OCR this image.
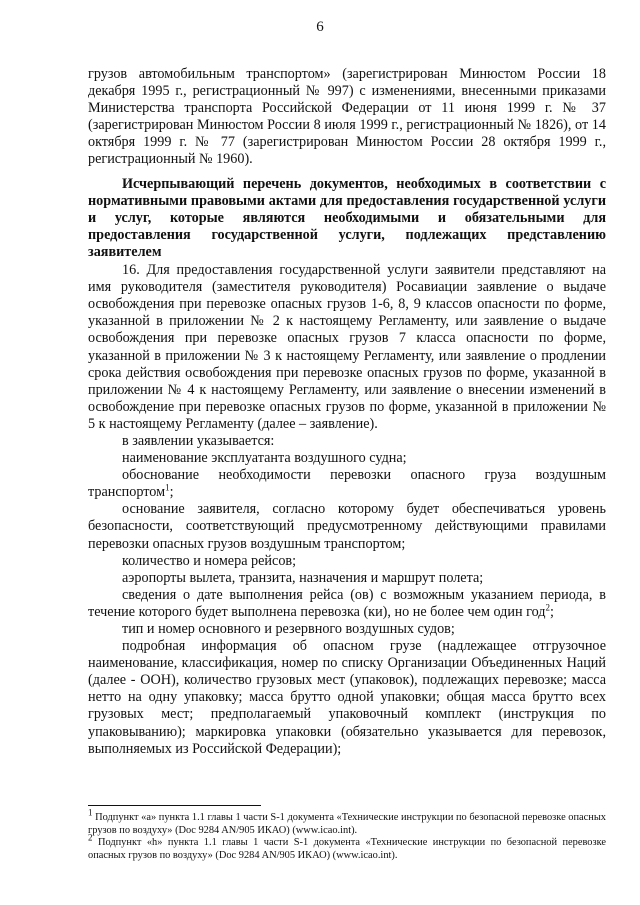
6

грузов автомобильным транспортом» (зарегистрирован Минюстом России 18 декабря 1995 г., регистрационный № 997) с изменениями, внесенными приказами Министерства транспорта Российской Федерации от 11 июня 1999 г. № 37 (зарегистрирован Минюстом России 8 июля 1999 г., регистрационный № 1826), от 14 октября 1999 г. № 77 (зарегистрирован Минюстом России 28 октября 1999 г., регистрационный № 1960).

Исчерпывающий перечень документов, необходимых в соответствии с нормативными правовыми актами для предоставления государственной услуги и услуг, которые являются необходимыми и обязательными для предоставления государственной услуги, подлежащих представлению заявителем

16. Для предоставления государственной услуги заявители представляют на имя руководителя (заместителя руководителя) Росавиации заявление о выдаче освобождения при перевозке опасных грузов 1-6, 8, 9 классов опасности по форме, указанной в приложении № 2 к настоящему Регламенту, или заявление о выдаче освобождения при перевозке опасных грузов 7 класса опасности по форме, указанной в приложении № 3 к настоящему Регламенту, или заявление о продлении срока действия освобождения при перевозке опасных грузов по форме, указанной в приложении № 4 к настоящему Регламенту, или заявление о внесении изменений в освобождение при перевозке опасных грузов по форме, указанной в приложении № 5 к настоящему Регламенту (далее – заявление).

в заявлении указывается:

наименование эксплуатанта воздушного судна;

обоснование необходимости перевозки опасного груза воздушным транспортом$^1$;

основание заявителя, согласно которому будет обеспечиваться уровень безопасности, соответствующий предусмотренному действующими правилами перевозки опасных грузов воздушным транспортом;

количество и номера рейсов;

аэропорты вылета, транзита, назначения и маршрут полета;

сведения о дате выполнения рейса (ов) с возможным указанием периода, в течение которого будет выполнена перевозка (ки), но не более чем один год$^2$;

тип и номер основного и резервного воздушных судов;

подробная информация об опасном грузе (надлежащее отгрузочное наименование, классификация, номер по списку Организации Объединенных Наций (далее - ООН), количество грузовых мест (упаковок), подлежащих перевозке; масса нетто на одну упаковку; масса брутто одной упаковки; общая масса брутто всех грузовых мест; предполагаемый упаковочный комплект (инструкция по упаковыванию); маркировка упаковки (обязательно указывается для перевозок, выполняемых из Российской Федерации);

$^1$ Подпункт «а» пункта 1.1 главы 1 части S-1 документа «Технические инструкции по безопасной перевозке опасных грузов по воздуху» (Doc 9284 AN/905 ИКАО) (www.icao.int).

$^2$ Подпункт «h» пункта 1.1 главы 1 части S-1 документа «Технические инструкции по безопасной перевозке опасных грузов по воздуху» (Doc 9284 AN/905 ИКАО) (www.icao.int).
